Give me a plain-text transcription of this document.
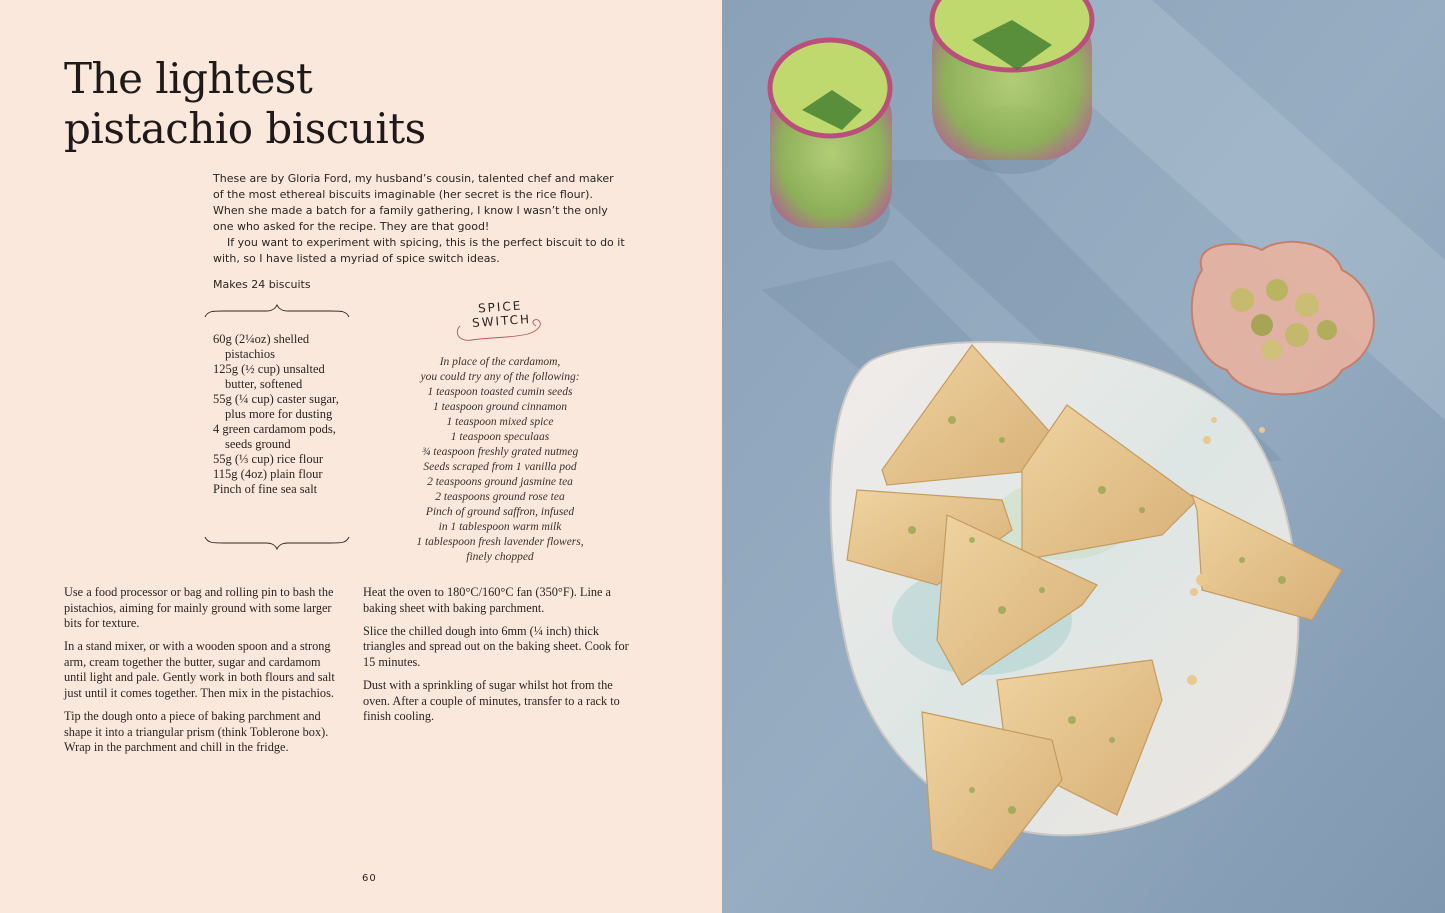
The lightest
pistachio biscuits

These are by Gloria Ford, my husband’s cousin, talented chef and maker of the most ethereal biscuits imaginable (her secret is the rice flour). When she made a batch for a family gathering, I know I wasn’t the only one who asked for the recipe. They are that good!

If you want to experiment with spicing, this is the perfect biscuit to do it with, so I have listed a myriad of spice switch ideas.

Makes 24 biscuits
60g (2¼oz) shelled pistachios
125g (½ cup) unsalted butter, softened
55g (¼ cup) caster sugar, plus more for dusting
4 green cardamom pods, seeds ground
55g (⅓ cup) rice flour
115g (4oz) plain flour
Pinch of fine sea salt
SPICE
SWITCH
In place of the cardamom,
you could try any of the following:
1 teaspoon toasted cumin seeds
1 teaspoon ground cinnamon
1 teaspoon mixed spice
1 teaspoon speculaas
¾ teaspoon freshly grated nutmeg
Seeds scraped from 1 vanilla pod
2 teaspoons ground jasmine tea
2 teaspoons ground rose tea
Pinch of ground saffron, infused
in 1 tablespoon warm milk
1 tablespoon fresh lavender flowers,
finely chopped

Use a food processor or bag and rolling pin to bash the pistachios, aiming for mainly ground with some larger bits for texture.

In a stand mixer, or with a wooden spoon and a strong arm, cream together the butter, sugar and cardamom until light and pale. Gently work in both flours and salt just until it comes together. Then mix in the pistachios.

Tip the dough onto a piece of baking parchment and shape it into a triangular prism (think Toblerone box). Wrap in the parchment and chill in the fridge.

Heat the oven to 180°C/160°C fan (350°F). Line a baking sheet with baking parchment.

Slice the chilled dough into 6mm (¼ inch) thick triangles and spread out on the baking sheet. Cook for 15 minutes.

Dust with a sprinkling of sugar whilst hot from the oven. After a couple of minutes, transfer to a rack to finish cooling.

60
